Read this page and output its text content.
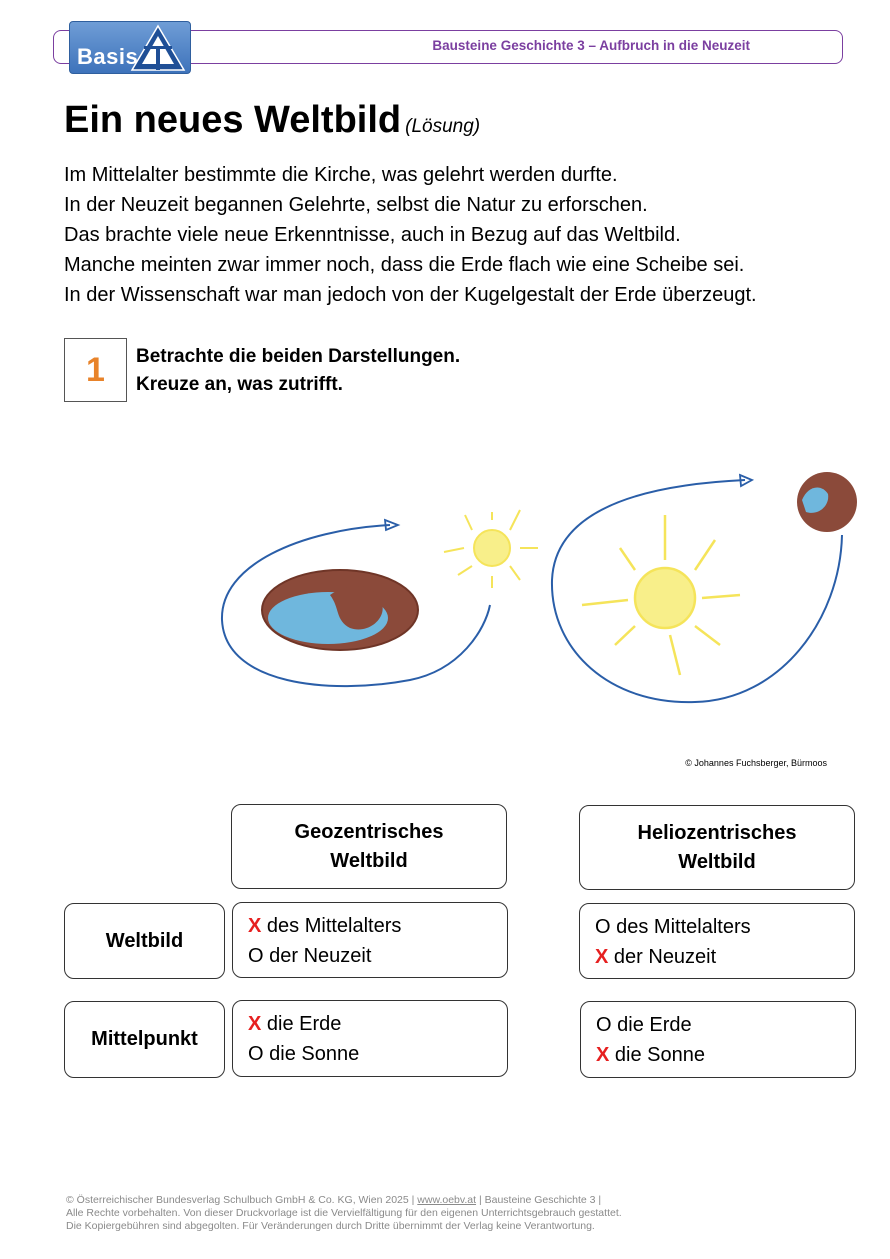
Bausteine Geschichte 3 – Aufbruch in die Neuzeit
Basis
Ein neues Weltbild (Lösung)

Im Mittelalter bestimmte die Kirche, was gelehrt werden durfte.

In der Neuzeit begannen Gelehrte, selbst die Natur zu erforschen.

Das brachte viele neue Erkenntnisse, auch in Bezug auf das Weltbild.

Manche meinten zwar immer noch, dass die Erde flach wie eine Scheibe sei.

In der Wissenschaft war man jedoch von der Kugelgestalt der Erde überzeugt.

1	Betrachte die beiden Darstellungen.
Kreuze an, was zutrifft.
© Johannes Fuchsberger, Bürmoos
Geozentrisches
Weltbild
Heliozentrisches
Weltbild
Weltbild
X des Mittelalters
O der Neuzeit
O des Mittelalters
X der Neuzeit
Mittelpunkt
X die Erde
O die Sonne
O die Erde
X die Sonne
© Österreichischer Bundesverlag Schulbuch GmbH & Co. KG, Wien 2025 | www.oebv.at | Bausteine Geschichte 3 |
Alle Rechte vorbehalten. Von dieser Druckvorlage ist die Vervielfältigung für den eigenen Unterrichtsgebrauch gestattet.
Die Kopiergebühren sind abgegolten. Für Veränderungen durch Dritte übernimmt der Verlag keine Verantwortung.
